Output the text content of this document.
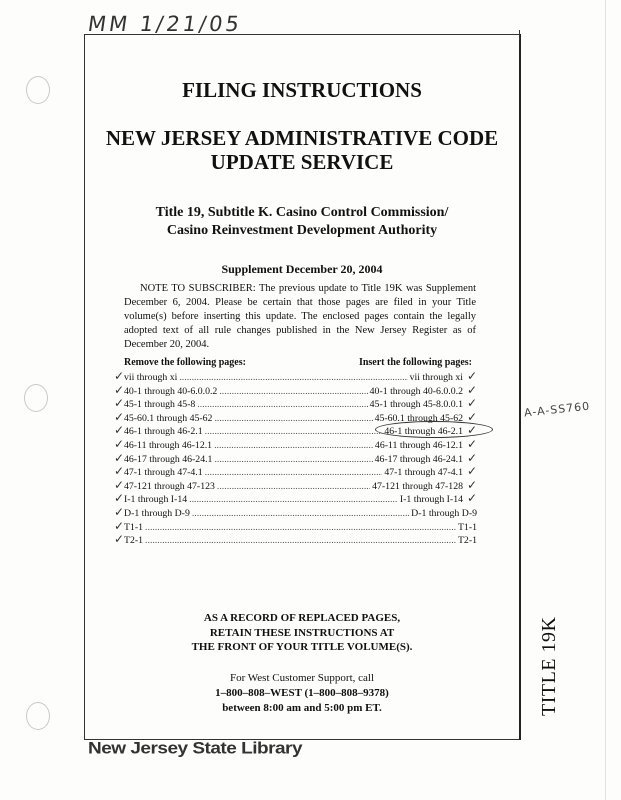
MM 1/21/05
FILING INSTRUCTIONS
NEW JERSEY ADMINISTRATIVE CODE
UPDATE SERVICE
Title 19, Subtitle K. Casino Control Commission/
Casino Reinvestment Development Authority
Supplement December 20, 2004
NOTE TO SUBSCRIBER: The previous update to Title 19K was Supplement December 6, 2004. Please be certain that those pages are filed in your Title volume(s) before inserting this update. The enclosed pages contain the legally adopted text of all rule changes published in the New Jersey Register as of December 20, 2004.
Remove the following pages:	Insert the following pages:
✓ vii through xi .....	vii through xi ✓
✓ 40-1 through 40-6.0.0.2 .....	40-1 through 40-6.0.0.2 ✓
✓ 45-1 through 45-8 .....	45-1 through 45-8.0.0.1 ✓
✓ 45-60.1 through 45-62 .....	45-60.1 through 45-62 ✓
✓ 46-1 through 46-2.1 .....	46-1 through 46-2.1 ✓
✓ 46-11 through 46-12.1 .....	46-11 through 46-12.1 ✓
✓ 46-17 through 46-24.1 .....	46-17 through 46-24.1 ✓
✓ 47-1 through 47-4.1 .....	47-1 through 47-4.1 ✓
✓ 47-121 through 47-123 .....	47-121 through 47-128 ✓
✓ I-1 through I-14 .....	I-1 through I-14 ✓
✓ D-1 through D-9 .....	D-1 through D-9
✓ T1-1 .....	T1-1
✓ T2-1 .....	T2-1
A-A-SS760
AS A RECORD OF REPLACED PAGES,
RETAIN THESE INSTRUCTIONS AT
THE FRONT OF YOUR TITLE VOLUME(S).
For West Customer Support, call
1–800–808–WEST (1–800–808–9378)
between 8:00 am and 5:00 pm ET.	TITLE 19K
New Jersey State Library
